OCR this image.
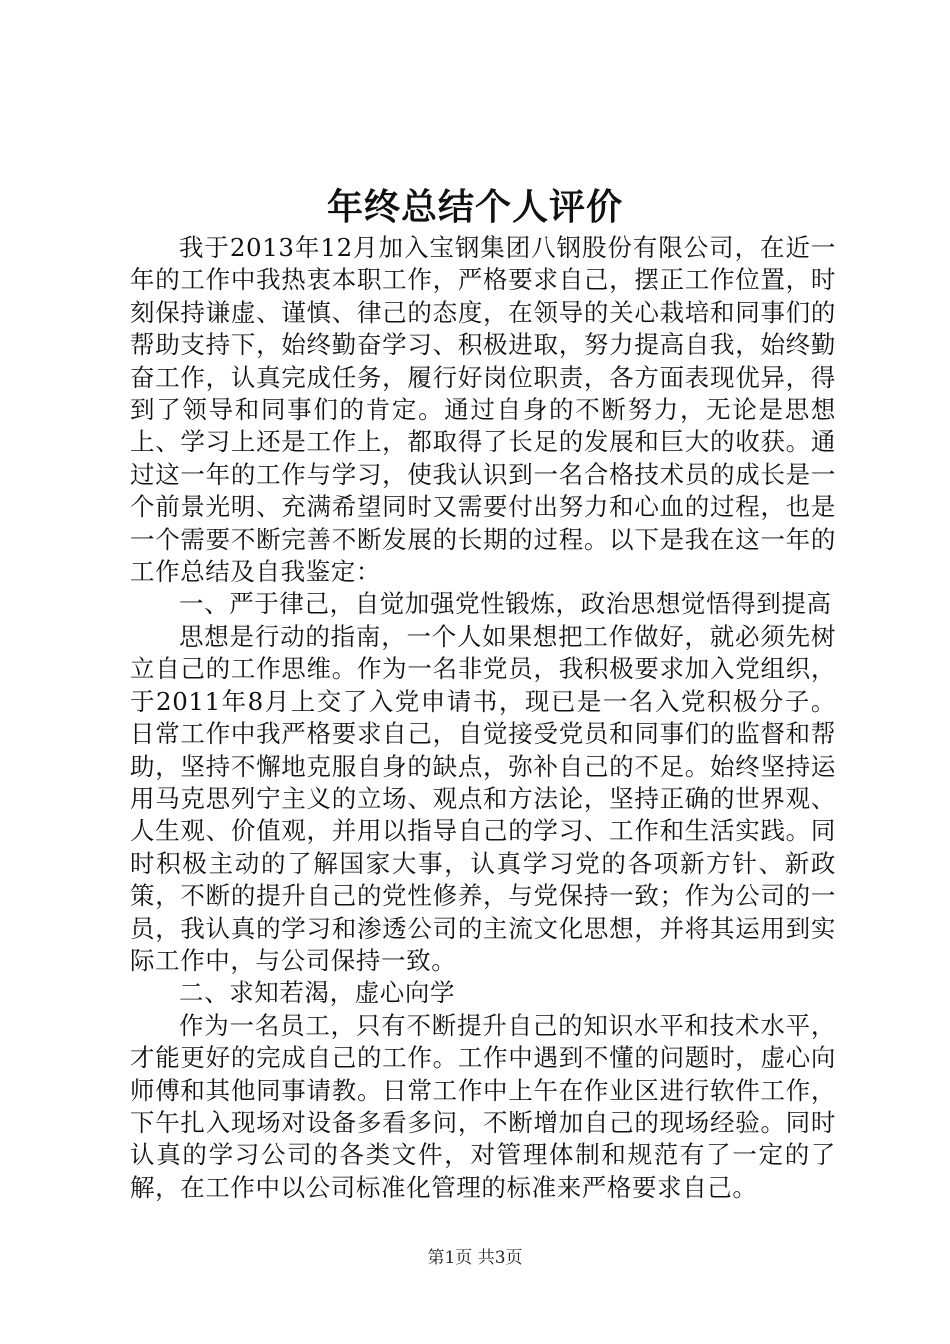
年终总结个人评价

我于2013年12月加入宝钢集团八钢股份有限公司，在近一年的工作中我热衷本职工作，严格要求自己，摆正工作位置，时刻保持谦虚、谨慎、律己的态度，在领导的关心栽培和同事们的帮助支持下，始终勤奋学习、积极进取，努力提高自我，始终勤奋工作，认真完成任务，履行好岗位职责，各方面表现优异，得到了领导和同事们的肯定。通过自身的不断努力，无论是思想上、学习上还是工作上，都取得了长足的发展和巨大的收获。通过这一年的工作与学习，使我认识到一名合格技术员的成长是一个前景光明、充满希望同时又需要付出努力和心血的过程，也是一个需要不断完善不断发展的长期的过程。以下是我在这一年的工作总结及自我鉴定：

一、严于律己，自觉加强党性锻炼，政治思想觉悟得到提高

思想是行动的指南，一个人如果想把工作做好，就必须先树立自己的工作思维。作为一名非党员，我积极要求加入党组织，于2011年8月上交了入党申请书，现已是一名入党积极分子。日常工作中我严格要求自己，自觉接受党员和同事们的监督和帮助，坚持不懈地克服自身的缺点，弥补自己的不足。始终坚持运用马克思列宁主义的立场、观点和方法论，坚持正确的世界观、人生观、价值观，并用以指导自己的学习、工作和生活实践。同时积极主动的了解国家大事，认真学习党的各项新方针、新政策，不断的提升自己的党性修养，与党保持一致；作为公司的一员，我认真的学习和渗透公司的主流文化思想，并将其运用到实际工作中，与公司保持一致。

二、求知若渴，虚心向学

作为一名员工，只有不断提升自己的知识水平和技术水平，才能更好的完成自己的工作。工作中遇到不懂的问题时，虚心向师傅和其他同事请教。日常工作中上午在作业区进行软件工作，下午扎入现场对设备多看多问，不断增加自己的现场经验。同时认真的学习公司的各类文件，对管理体制和规范有了一定的了解，在工作中以公司标准化管理的标准来严格要求自己。

第1页 共3页
